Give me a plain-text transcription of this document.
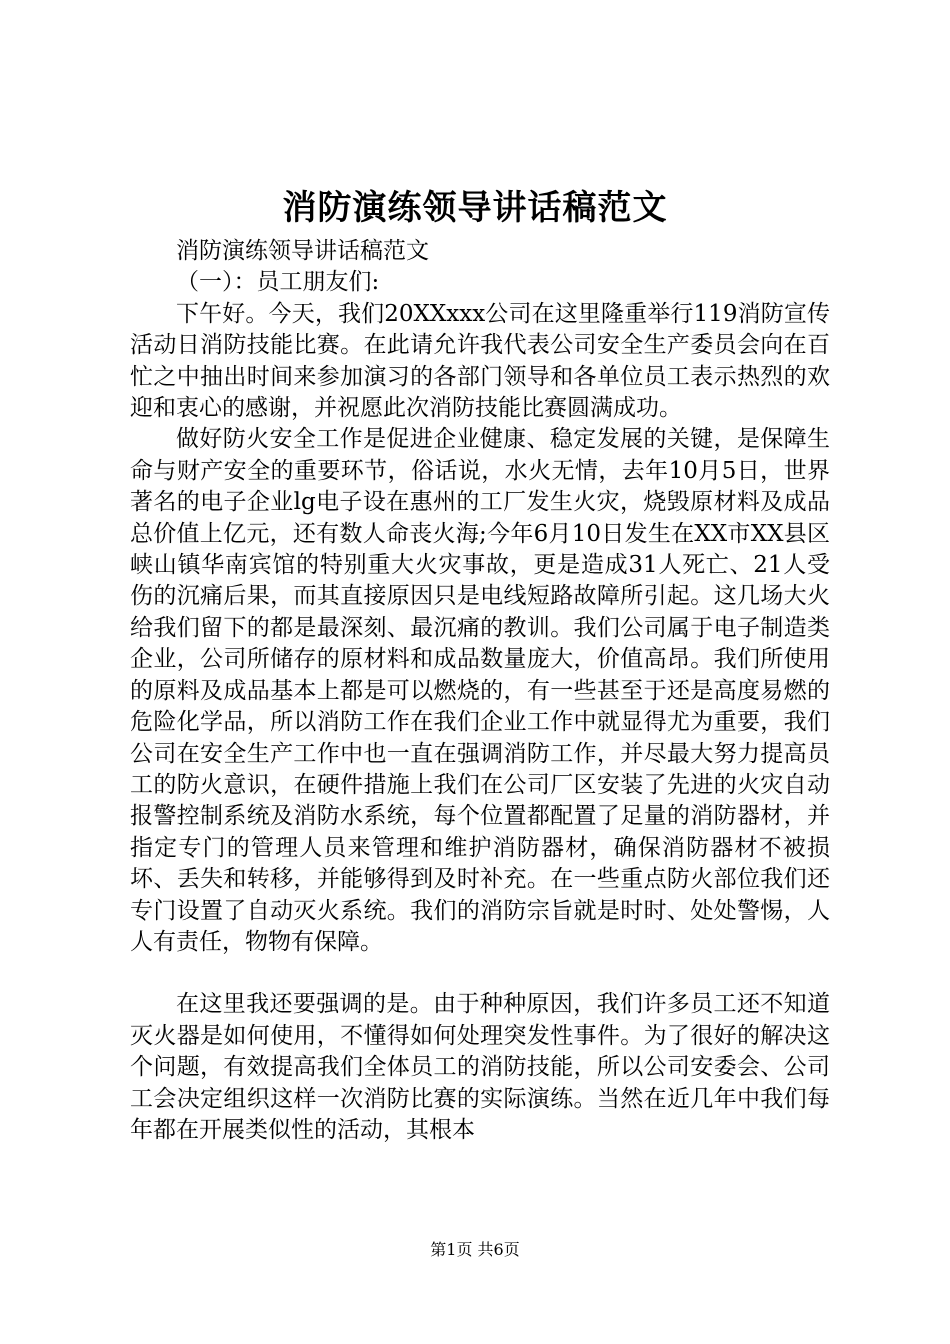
消防演练领导讲话稿范文

消防演练领导讲话稿范文

（一）：员工朋友们:

下午好。今天，我们20XXxxx公司在这里隆重举行119消防宣传活动日消防技能比赛。在此请允许我代表公司安全生产委员会向在百忙之中抽出时间来参加演习的各部门领导和各单位员工表示热烈的欢迎和衷心的感谢，并祝愿此次消防技能比赛圆满成功。

做好防火安全工作是促进企业健康、稳定发展的关键，是保障生命与财产安全的重要环节，俗话说，水火无情，去年10月5日，世界著名的电子企业lg电子设在惠州的工厂发生火灾，烧毁原材料及成品总价值上亿元，还有数人命丧火海;今年6月10日发生在XX市XX县区峡山镇华南宾馆的特别重大火灾事故，更是造成31人死亡、21人受伤的沉痛后果，而其直接原因只是电线短路故障所引起。这几场大火给我们留下的都是最深刻、最沉痛的教训。我们公司属于电子制造类企业，公司所储存的原材料和成品数量庞大，价值高昂。我们所使用的原料及成品基本上都是可以燃烧的，有一些甚至于还是高度易燃的危险化学品，所以消防工作在我们企业工作中就显得尤为重要，我们公司在安全生产工作中也一直在强调消防工作，并尽最大努力提高员工的防火意识，在硬件措施上我们在公司厂区安装了先进的火灾自动报警控制系统及消防水系统，每个位置都配置了足量的消防器材，并指定专门的管理人员来管理和维护消防器材，确保消防器材不被损坏、丢失和转移，并能够得到及时补充。在一些重点防火部位我们还专门设置了自动灭火系统。我们的消防宗旨就是时时、处处警惕，人人有责任，物物有保障。

在这里我还要强调的是。由于种种原因，我们许多员工还不知道灭火器是如何使用，不懂得如何处理突发性事件。为了很好的解决这个问题，有效提高我们全体员工的消防技能，所以公司安委会、公司工会决定组织这样一次消防比赛的实际演练。当然在近几年中我们每年都在开展类似性的活动，其根本

第1页 共6页
